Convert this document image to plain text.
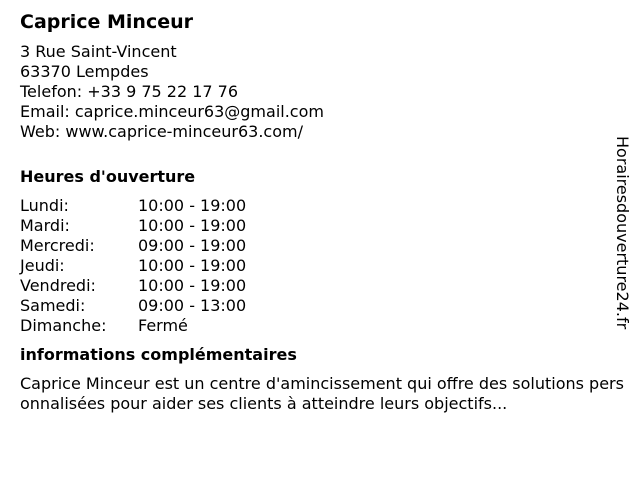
Caprice Minceur
3 Rue Saint-Vincent
63370 Lempdes
Telefon: +33 9 75 22 17 76
Email: caprice.minceur63@gmail.com
Web: www.caprice-minceur63.com/
Heures d'ouverture
Lundi:	10:00 - 19:00
Mardi:	10:00 - 19:00
Mercredi:	09:00 - 19:00
Jeudi:	10:00 - 19:00
Vendredi:	10:00 - 19:00
Samedi:	09:00 - 13:00
Dimanche:	Fermé
informations complémentaires
Caprice Minceur est un centre d'amincissement qui offre des solutions personnalisées pour aider ses clients à atteindre leurs objectifs...
Horairesdouverture24.fr
